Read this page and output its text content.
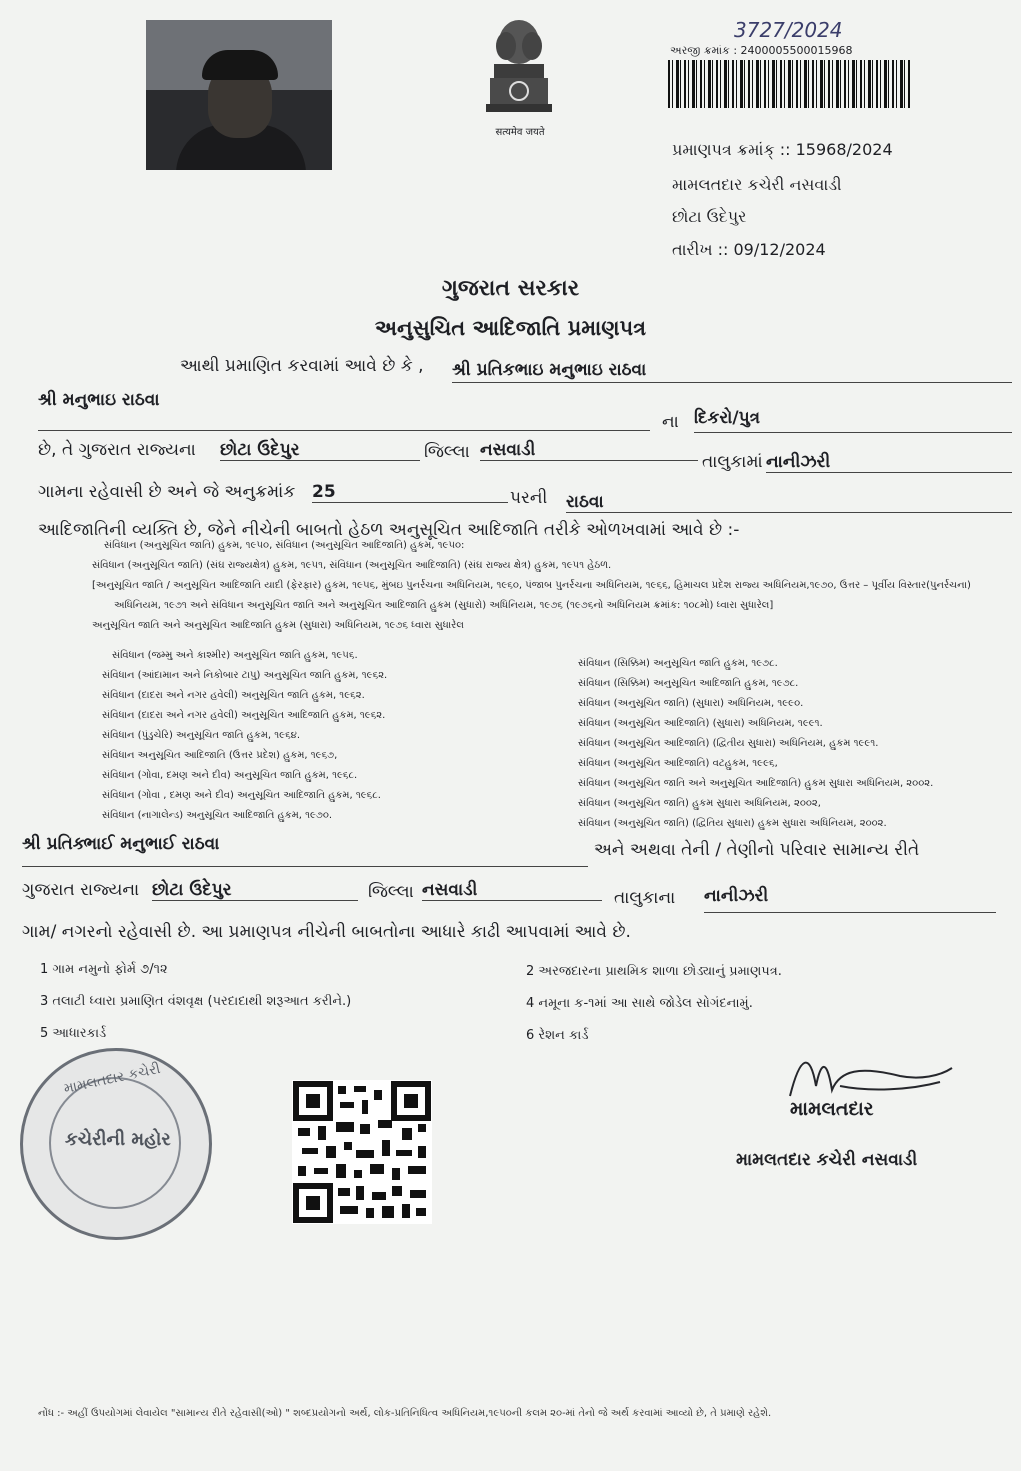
सत्यमेव जयते
3727/2024
અરજી ક્રમાંક : 2400005500015968
પ્રમાણપત્ર ક્રમાંક્ :: 15968/2024
મામલતદાર કચેરી નસવાડી
છોટા ઉદેપુર
તારીખ :: 09/12/2024
ગુજરાત સરકાર
અનુસુચિત આદિજાતિ પ્રમાણપત્ર
આથી પ્રમાણિત કરવામાં આવે છે કે , શ્રી પ્રતિકભાઇ મનુભાઇ રાઠવા
શ્રી મનુભાઇ રાઠવા
ના દિકરો/પુત્ર
છે, તે ગુજરાત રાજ્યના છોટા ઉદેપુર	જિલ્લા નસવાડી
તાલુકામાં નાનીઝરી
ગામના રહેવાસી છે અને જે અનુક્રમાંક 25	પરની રાઠવા
આદિજાતિની વ્યક્તિ છે, જેને નીચેની બાબતો હેઠળ અનુસૂચિત આદિજાતિ તરીકે ઓળખવામાં આવે છે :-
સંવિધાન (અનુસૂચિત જાતિ) હુકમ, ૧૯૫૦, સંવિધાન (અનુસૂચિત આદિજાતિ) હુકમ, ૧૯૫૦:
સંવિધાન (અનુસૂચિત જાતિ) (સંઘ રાજ્યક્ષેત્ર) હુકમ, ૧૯૫૧, સંવિધાન (અનુસૂચિત આદિજાતિ) (સંઘ રાજ્ય ક્ષેત્ર) હુકમ, ૧૯૫૧ હેઠળ.
[અનુસૂચિત જાતિ / અનુસૂચિત આદિજાતિ યાદી (ફેરફાર) હુકમ, ૧૯૫૬, મુંબઇ પુનર્રચના અધિનિયમ, ૧૯૬૦, પંજાબ પુનર્રચના અધિનિયમ, ૧૯૬૬, હિમાચલ પ્રદેશ રાજ્ય અધિનિયમ,૧૯૭૦, ઉત્તર – પૂર્વીય વિસ્તાર(પુનર્રચના)
અધિનિયમ, ૧૯૭૧ અને સંવિધાન અનુસૂચિત જાતિ અને અનુસૂચિત આદિજાતિ હુકમ (સુધારો) અધિનિયમ, ૧૯૭૬ (૧૯૭૬નો અધિનિયમ ક્રમાંક: ૧૦૮મો) ધ્વારા સુધારેલ]
અનુસૂચિત જાતિ અને અનુસૂચિત આદિજાતિ હુકમ (સુધારા) અધિનિયમ, ૧૯૭૬ ધ્વારા સુધારેલ
સંવિધાન (જમ્મુ અને કાશ્મીર) અનુસૂચિત જાતિ હુકમ, ૧૯૫૬.
સંવિધાન (આંદામાન અને નિકોબાર ટાપુ) અનુસૂચિત જાતિ હુકમ, ૧૯૬૨.
સંવિધાન (દાદરા અને નગર હવેલી) અનુસૂચિત જાતિ હુકમ, ૧૯૬૨.
સંવિધાન (દાદરા અને નગર હવેલી) અનુસૂચિત આદિજાતિ હુકમ, ૧૯૬૨.
સંવિધાન (પુંડુચેરિ) અનુસૂચિત જાતિ હુકમ, ૧૯૬૪.
સંવિધાન અનુસૂચિત આદિજાતિ (ઉત્તર પ્રદેશ) હુકમ, ૧૯૬૭,
સંવિધાન (ગોવા, દમણ અને દીવ) અનુસૂચિત જાતિ હુકમ, ૧૯૬૮.
સંવિધાન (ગોવા , દમણ અને દીવ) અનુસૂચિત આદિજાતિ હુકમ, ૧૯૬૮.
સંવિધાન (નાગાલેન્ડ) અનુસૂચિત આદિજાતિ હુકમ, ૧૯૭૦.
સંવિધાન (સિક્કિમ) અનુસૂચિત જાતિ હુકમ, ૧૯૭૮.
સંવિધાન (સિક્કિમ) અનુસૂચિત આદિજાતિ હુકમ, ૧૯૭૮.
સંવિધાન (અનુસૂચિત જાતિ) (સુધારા) અધિનિયમ, ૧૯૯૦.
સંવિધાન (અનુસૂચિત આદિજાતિ) (સુધારા) અધિનિયમ, ૧૯૯૧.
સંવિધાન (અનુસૂચિત આદિજાતિ) (દ્વિતીય સુધારા) અધિનિયમ, હુકમ ૧૯૯૧.
સંવિધાન (અનુસૂચિત આદિજાતિ) વટહુકમ, ૧૯૯૬,
સંવિધાન (અનુસૂચિત જાતિ અને અનુસૂચિત આદિજાતિ) હુકમ સુધારા અધિનિયમ, ૨૦૦૨.
સંવિધાન (અનુસૂચિત જાતિ) હુકમ સુધારા અધિનિયમ, ૨૦૦૨,
સંવિધાન (અનુસૂચિત જાતિ) (દ્વિતિય સુધારા) હુકમ સુધારા અધિનિયમ, ૨૦૦૨.
શ્રી પ્રતિક્ભાઈ મનુભાઈ રાઠવા	અને અથવા તેની / તેણીનો પરિવાર સામાન્ય રીતે
ગુજરાત રાજ્યના છોટા ઉદેપુર	જિલ્લા નસવાડી	તાલુકાના નાનીઝરી
ગામ/ નગરનો રહેવાસી છે. આ પ્રમાણપત્ર નીચેની બાબતોના આધારે કાઢી આપવામાં આવે છે.
1 ગામ નમુનો ફોર્મ ૭/૧૨	2 અરજદારના પ્રાથમિક શાળા છોડ્યાનું પ્રમાણપત્ર.
3 તલાટી ધ્વારા પ્રમાણિત વંશવૃક્ષ (પરદાદાથી શરૂઆત કરીને.)	4 નમૂના ક-૧માં આ સાથે જોડેલ સોગંદનામું.
5 આધારકાર્ડ	6 રેશન કાર્ડ
મામલતદાર કચેરી
કચેરીની મહોર
મામલતદાર
મામલતદાર કચેરી નસવાડી
નોંધ :- અહીં ઉપયોગમાં લેવાયેલ "સામાન્ય રીતે રહેવાસી(ઓ) " શબ્દપ્રયોગનો અર્થ, લોક-પ્રતિનિધિત્વ અધિનિયમ,૧૯૫૦ની કલમ ૨૦-માં તેનો જે અર્થ કરવામાં આવ્યો છે, તે પ્રમાણે રહેશે.
